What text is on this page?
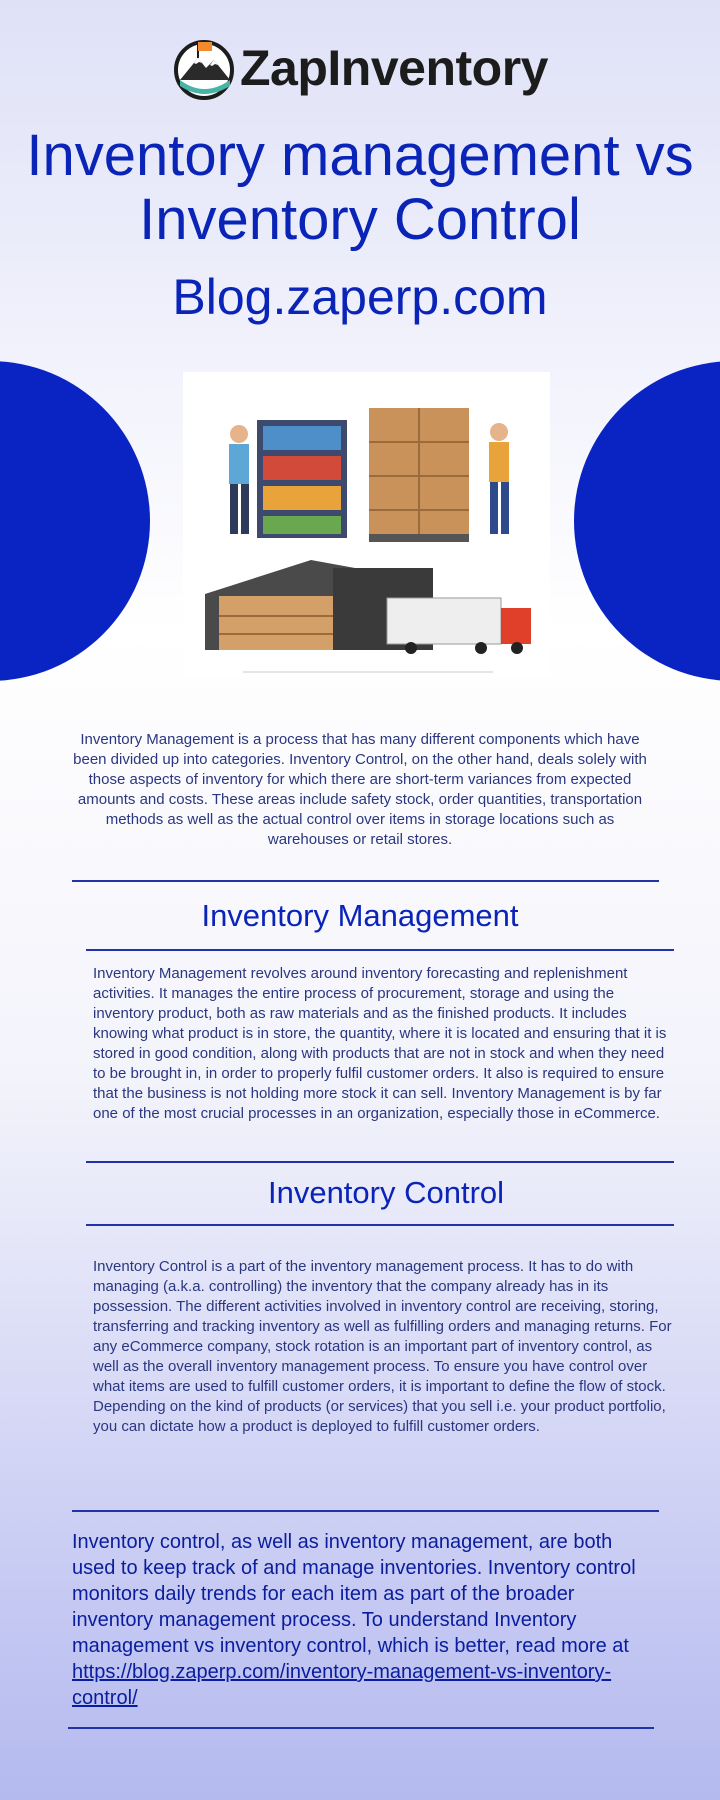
ZapInventory
Inventory management vs Inventory Control
Blog.zaperp.com

Inventory Management is a process that has many different components which have been divided up into categories. Inventory Control, on the other hand, deals solely with those aspects of inventory for which there are short-term variances from expected amounts and costs. These areas include safety stock, order quantities, transportation methods as well as the actual control over items in storage locations such as warehouses or retail stores.

Inventory Management

Inventory Management revolves around inventory forecasting and replenishment activities. It manages the entire process of procurement, storage and using the inventory product, both as raw materials and as the finished products. It includes knowing what product is in store, the quantity, where it is located and ensuring that it is stored in good condition, along with products that are not in stock and when they need to be brought in, in order to properly fulfil customer orders. It also is required to ensure that the business is not holding more stock it can sell. Inventory Management is by far one of the most crucial processes in an organization, especially those in eCommerce.

Inventory Control

Inventory Control is a part of the inventory management process. It has to do with managing (a.k.a. controlling) the inventory that the company already has in its possession. The different activities involved in inventory control are receiving, storing, transferring and tracking inventory as well as fulfilling orders and managing returns. For any eCommerce company, stock rotation is an important part of inventory control, as well as the overall inventory management process. To ensure you have control over what items are used to fulfill customer orders, it is important to define the flow of stock. Depending on the kind of products (or services) that you sell i.e. your product portfolio, you can dictate how a product is deployed to fulfill customer orders.

Inventory control, as well as inventory management, are both used to keep track of and manage inventories. Inventory control monitors daily trends for each item as part of the broader inventory management process. To understand Inventory management vs inventory control, which is better, read more at https://blog.zaperp.com/inventory-management-vs-inventory-control/
